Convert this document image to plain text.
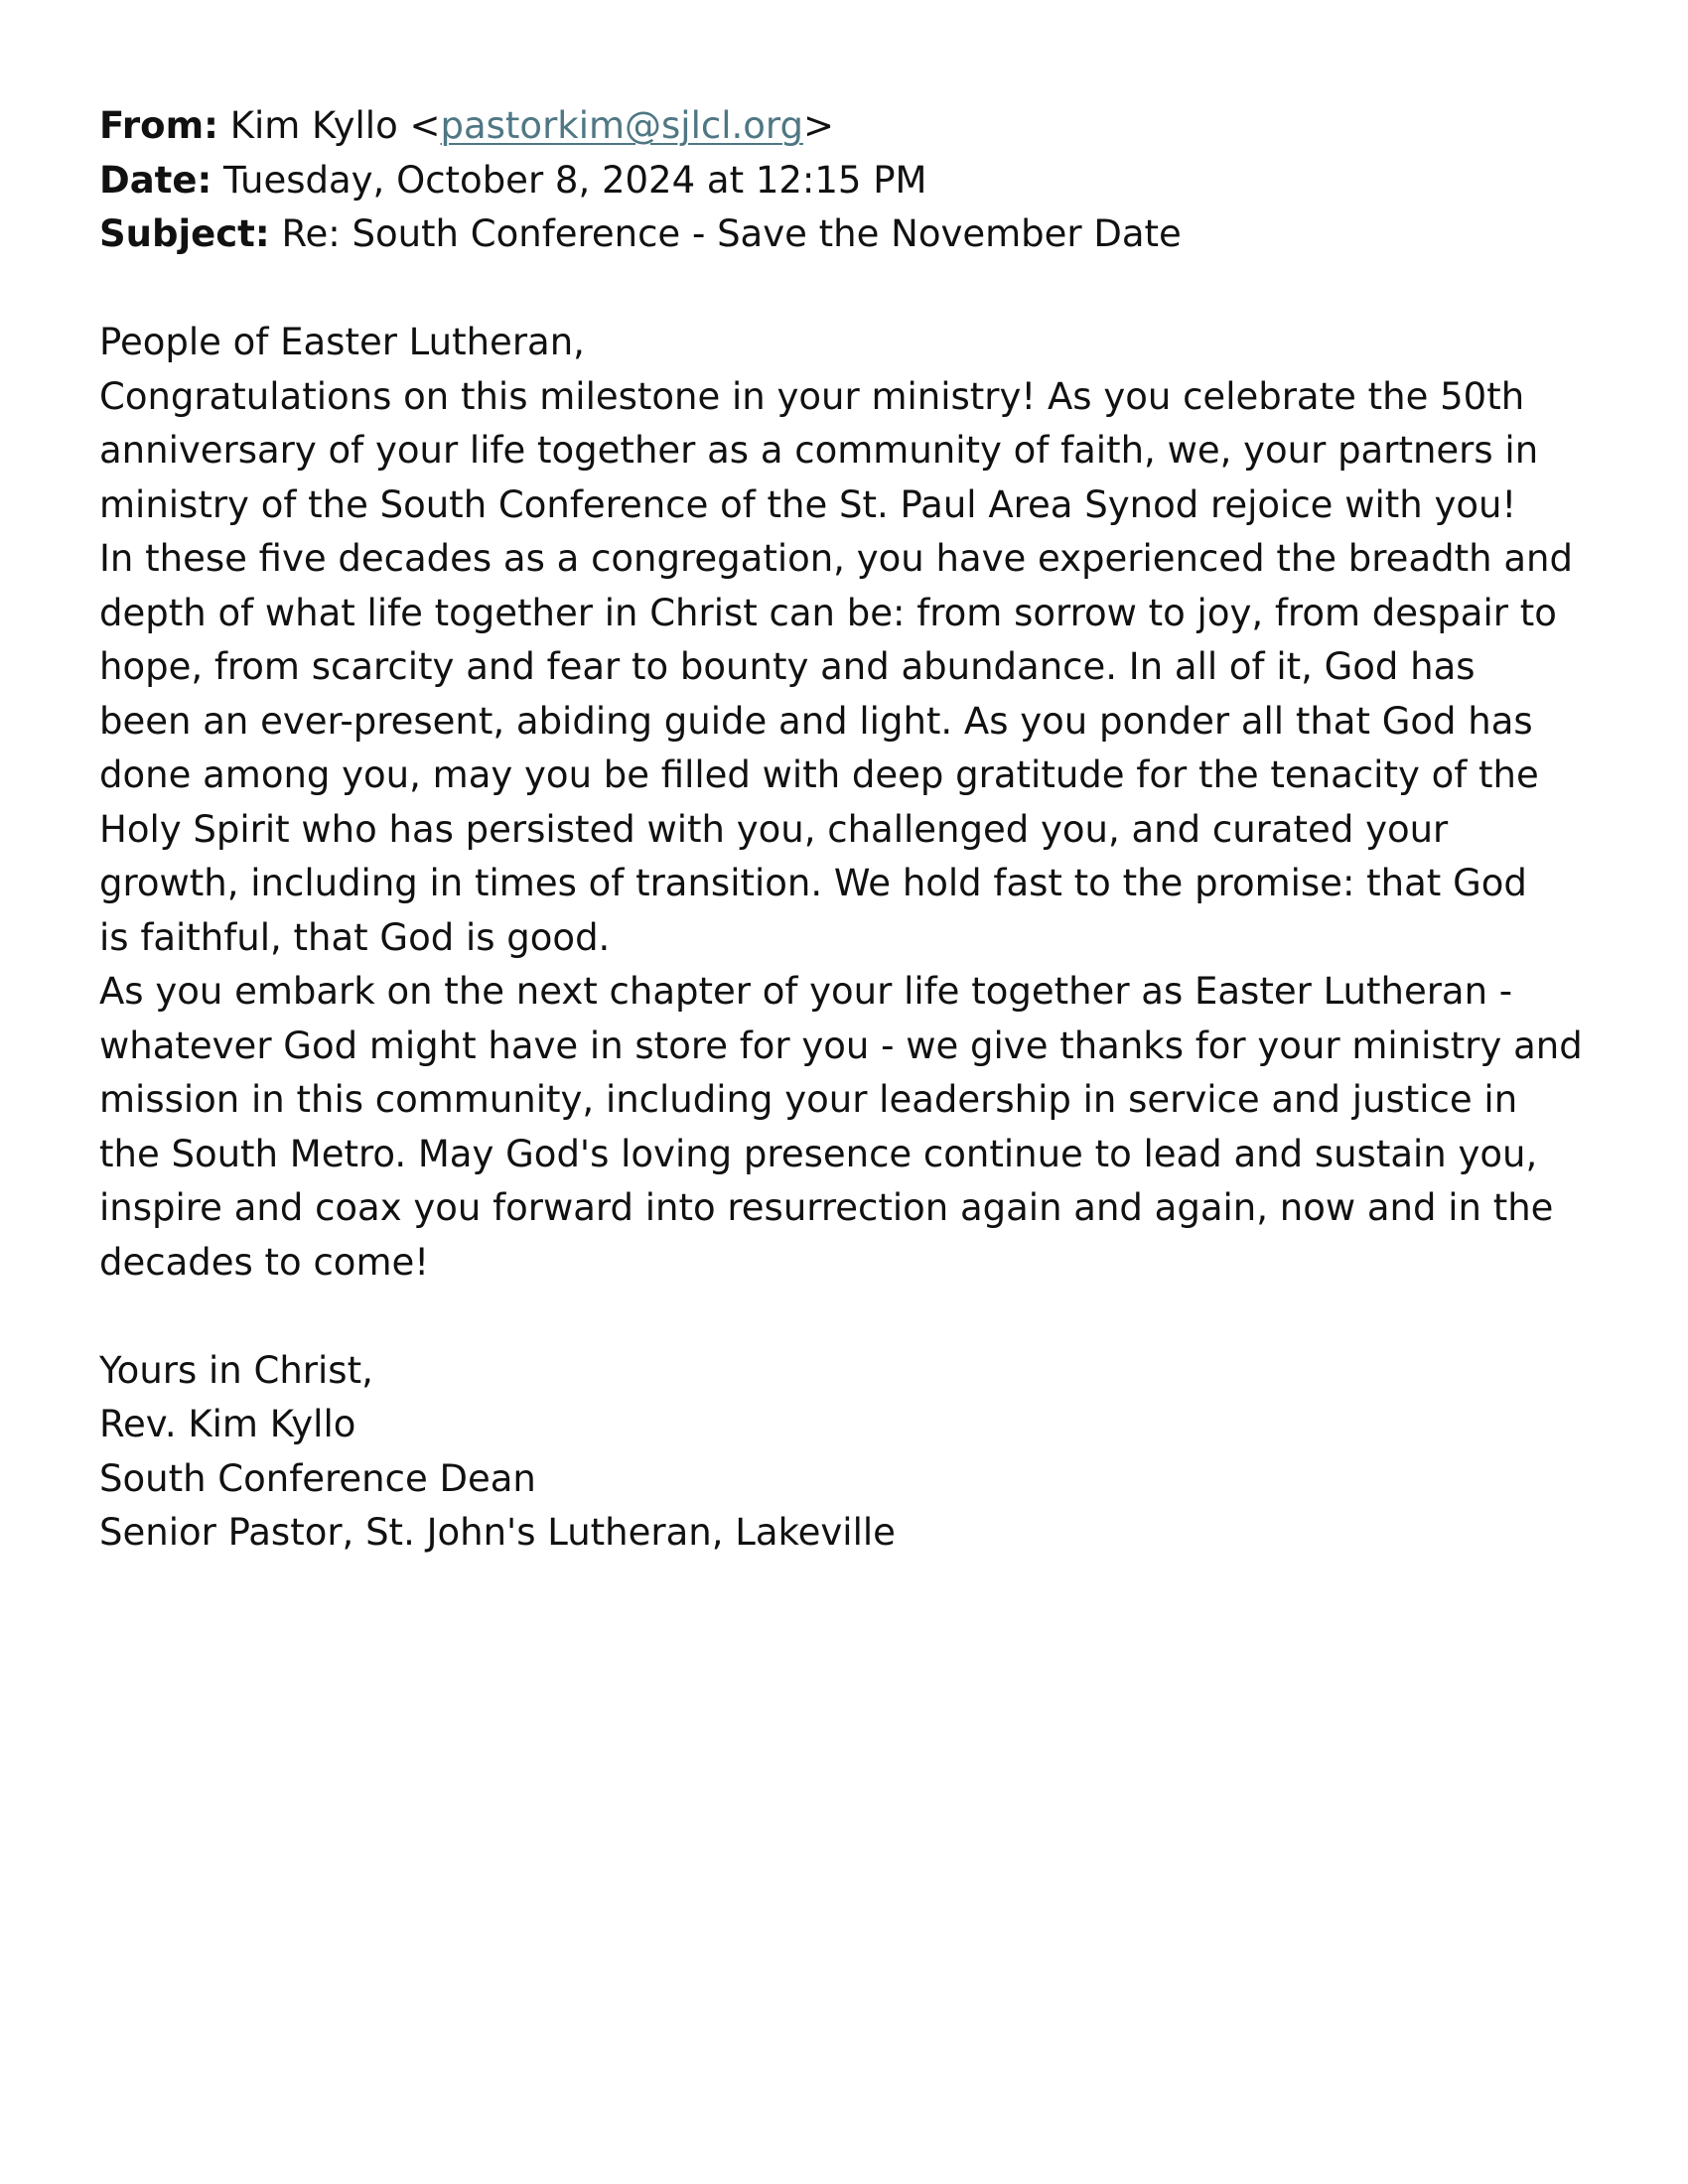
From: Kim Kyllo <pastorkim@sjlcl.org>
Date: Tuesday, October 8, 2024 at 12:15 PM
Subject: Re: South Conference - Save the November Date
People of Easter Lutheran,
Congratulations on this milestone in your ministry! As you celebrate the 50th
anniversary of your life together as a community of faith, we, your partners in
ministry of the South Conference of the St. Paul Area Synod rejoice with you!
In these five decades as a congregation, you have experienced the breadth and
depth of what life together in Christ can be: from sorrow to joy, from despair to
hope, from scarcity and fear to bounty and abundance. In all of it, God has
been an ever-present, abiding guide and light. As you ponder all that God has
done among you, may you be filled with deep gratitude for the tenacity of the
Holy Spirit who has persisted with you, challenged you, and curated your
growth, including in times of transition. We hold fast to the promise: that God
is faithful, that God is good.
As you embark on the next chapter of your life together as Easter Lutheran -
whatever God might have in store for you - we give thanks for your ministry and
mission in this community, including your leadership in service and justice in
the South Metro. May God's loving presence continue to lead and sustain you,
inspire and coax you forward into resurrection again and again, now and in the
decades to come!
Yours in Christ,
Rev. Kim Kyllo
South Conference Dean
Senior Pastor, St. John's Lutheran, Lakeville
